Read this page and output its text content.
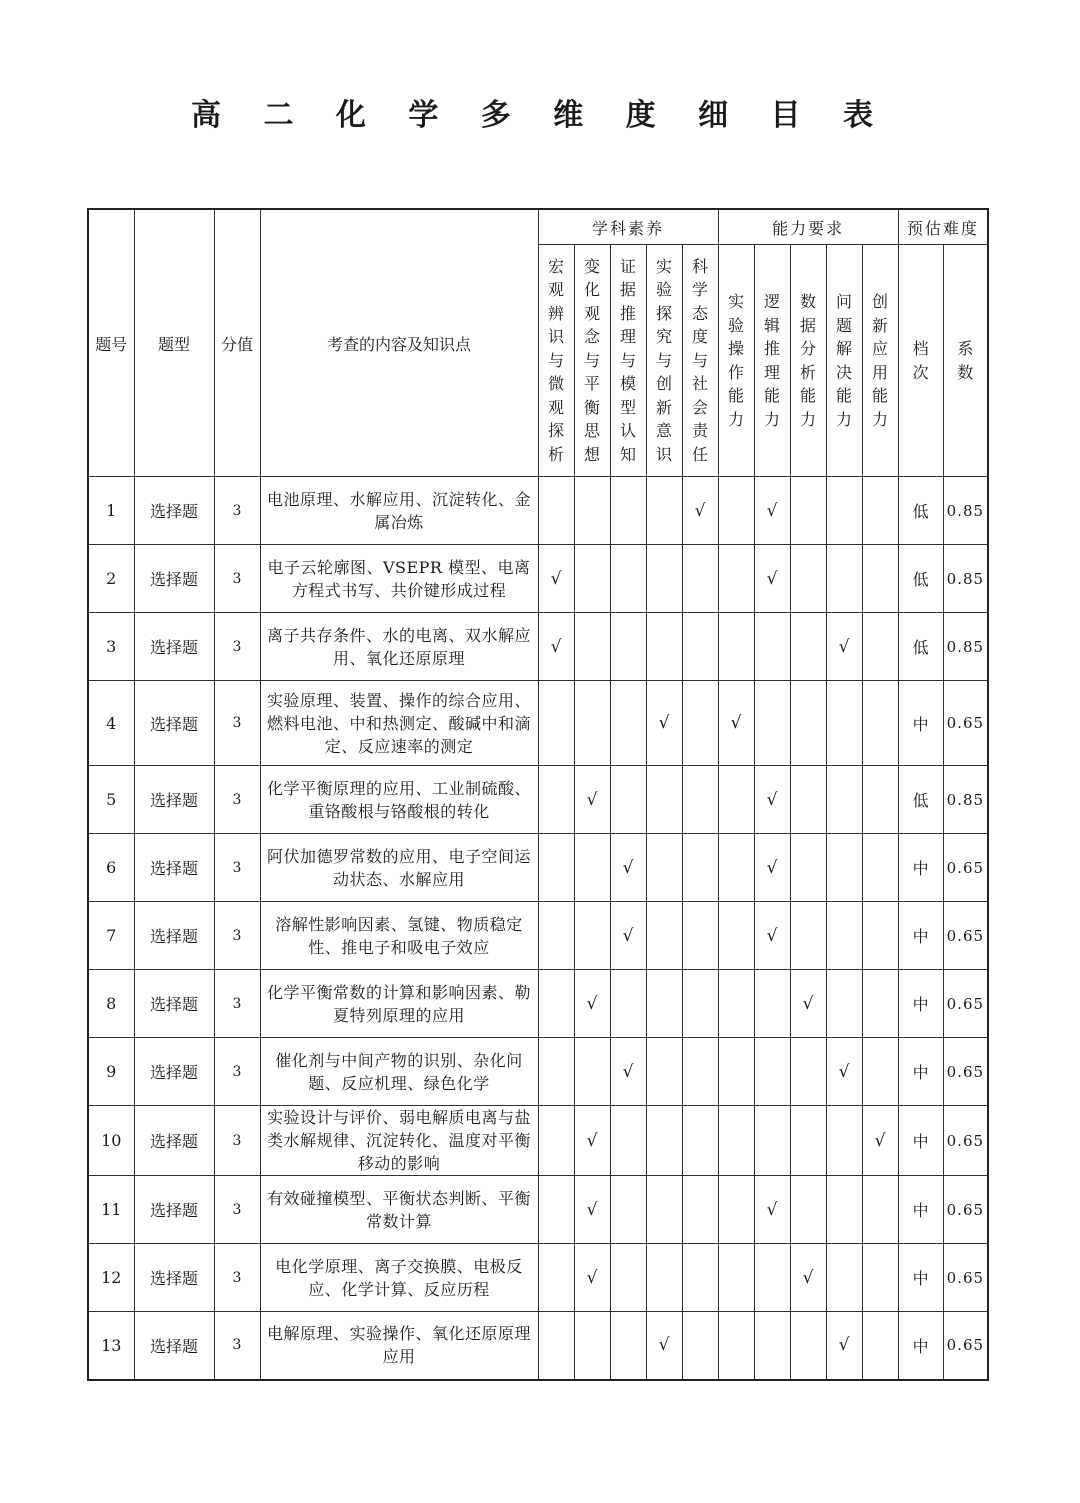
高 二 化 学 多 维 度 细 目 表
题号	题型	分值	考查的内容及知识点	学科素养					能力要求					预估难度	
				宏观辨识与微观探析	变化观念与平衡思想	证据推理与模型认知	实验探究与创新意识	科学态度与社会责任	实验操作能力	逻辑推理能力	数据分析能力	问题解决能力	创新应用能力	档次	系数
1	选择题	3	电池原理、水解应用、沉淀转化、金属冶炼					√		√				低	0.85
2	选择题	3	电子云轮廓图、VSEPR 模型、电离方程式书写、共价键形成过程	√						√				低	0.85
3	选择题	3	离子共存条件、水的电离、双水解应用、氧化还原原理	√								√		低	0.85
4	选择题	3	实验原理、装置、操作的综合应用、燃料电池、中和热测定、酸碱中和滴定、反应速率的测定				√		√					中	0.65
5	选择题	3	化学平衡原理的应用、工业制硫酸、重铬酸根与铬酸根的转化		√					√				低	0.85
6	选择题	3	阿伏加德罗常数的应用、电子空间运动状态、水解应用			√				√				中	0.65
7	选择题	3	溶解性影响因素、氢键、物质稳定性、推电子和吸电子效应			√				√				中	0.65
8	选择题	3	化学平衡常数的计算和影响因素、勒夏特列原理的应用		√						√			中	0.65
9	选择题	3	催化剂与中间产物的识别、杂化问题、反应机理、绿色化学			√						√		中	0.65
10	选择题	3	实验设计与评价、弱电解质电离与盐类水解规律、沉淀转化、温度对平衡移动的影响		√								√	中	0.65
11	选择题	3	有效碰撞模型、平衡状态判断、平衡常数计算		√					√				中	0.65
12	选择题	3	电化学原理、离子交换膜、电极反应、化学计算、反应历程		√						√			中	0.65
13	选择题	3	电解原理、实验操作、氧化还原原理应用				√					√		中	0.65
